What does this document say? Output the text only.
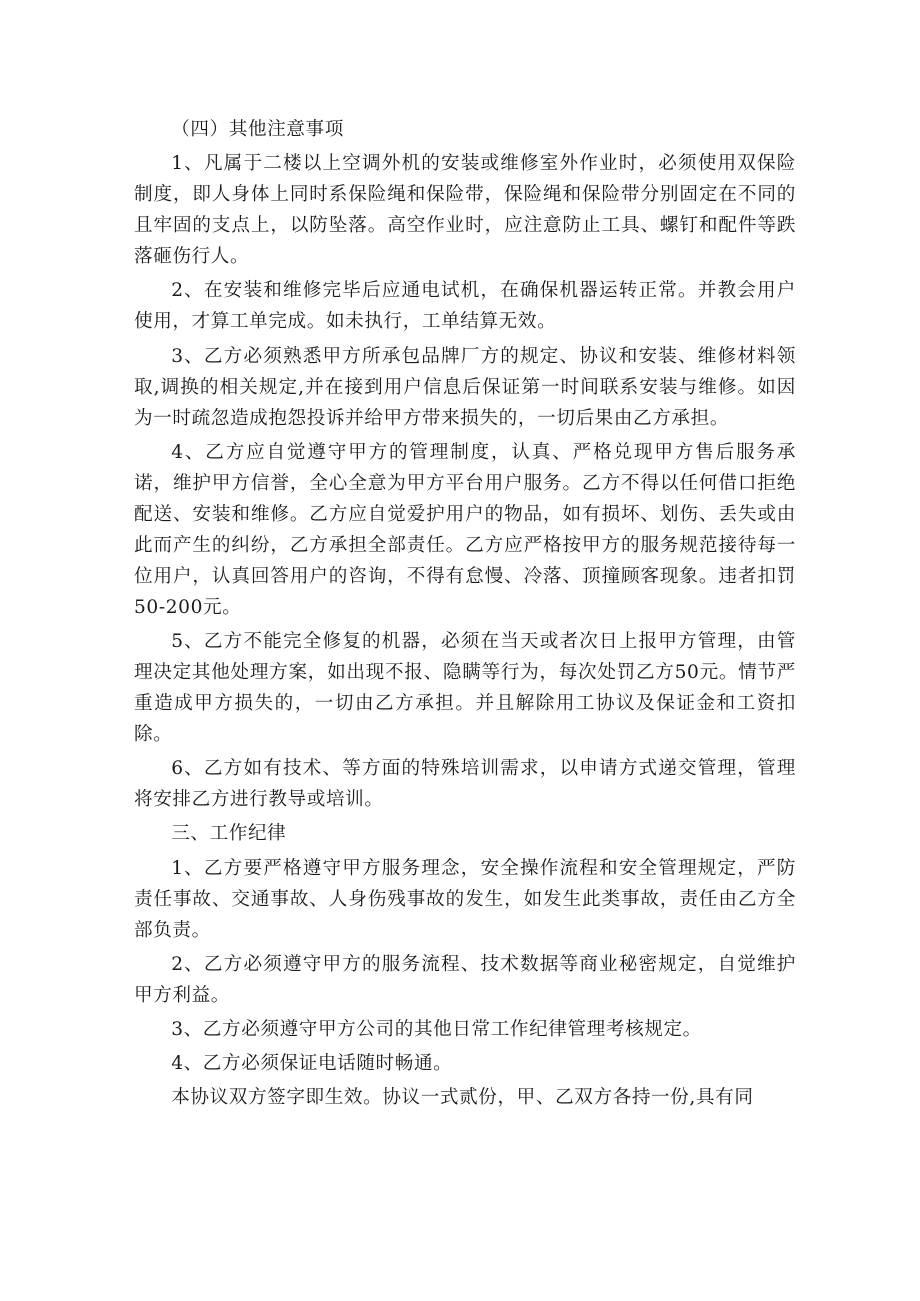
（四）其他注意事项

1、凡属于二楼以上空调外机的安装或维修室外作业时，必须使用双保险制度，即人身体上同时系保险绳和保险带，保险绳和保险带分别固定在不同的且牢固的支点上，以防坠落。高空作业时，应注意防止工具、螺钉和配件等跌落砸伤行人。

2、在安装和维修完毕后应通电试机，在确保机器运转正常。并教会用户使用，才算工单完成。如未执行，工单结算无效。

3、乙方必须熟悉甲方所承包品牌厂方的规定、协议和安装、维修材料领取,调换的相关规定,并在接到用户信息后保证第一时间联系安装与维修。如因为一时疏忽造成抱怨投诉并给甲方带来损失的，一切后果由乙方承担。

4、乙方应自觉遵守甲方的管理制度，认真、严格兑现甲方售后服务承诺，维护甲方信誉，全心全意为甲方平台用户服务。乙方不得以任何借口拒绝配送、安装和维修。乙方应自觉爱护用户的物品，如有损坏、划伤、丢失或由此而产生的纠纷，乙方承担全部责任。乙方应严格按甲方的服务规范接待每一位用户，认真回答用户的咨询，不得有怠慢、冷落、顶撞顾客现象。违者扣罚50-200元。

5、乙方不能完全修复的机器，必须在当天或者次日上报甲方管理，由管理决定其他处理方案，如出现不报、隐瞒等行为，每次处罚乙方50元。情节严重造成甲方损失的，一切由乙方承担。并且解除用工协议及保证金和工资扣除。

6、乙方如有技术、等方面的特殊培训需求，以申请方式递交管理，管理将安排乙方进行教导或培训。

三、工作纪律

1、乙方要严格遵守甲方服务理念，安全操作流程和安全管理规定，严防责任事故、交通事故、人身伤残事故的发生，如发生此类事故，责任由乙方全部负责。

2、乙方必须遵守甲方的服务流程、技术数据等商业秘密规定，自觉维护甲方利益。

3、乙方必须遵守甲方公司的其他日常工作纪律管理考核规定。

4、乙方必须保证电话随时畅通。

本协议双方签字即生效。协议一式贰份，甲、乙双方各持一份,具有同
